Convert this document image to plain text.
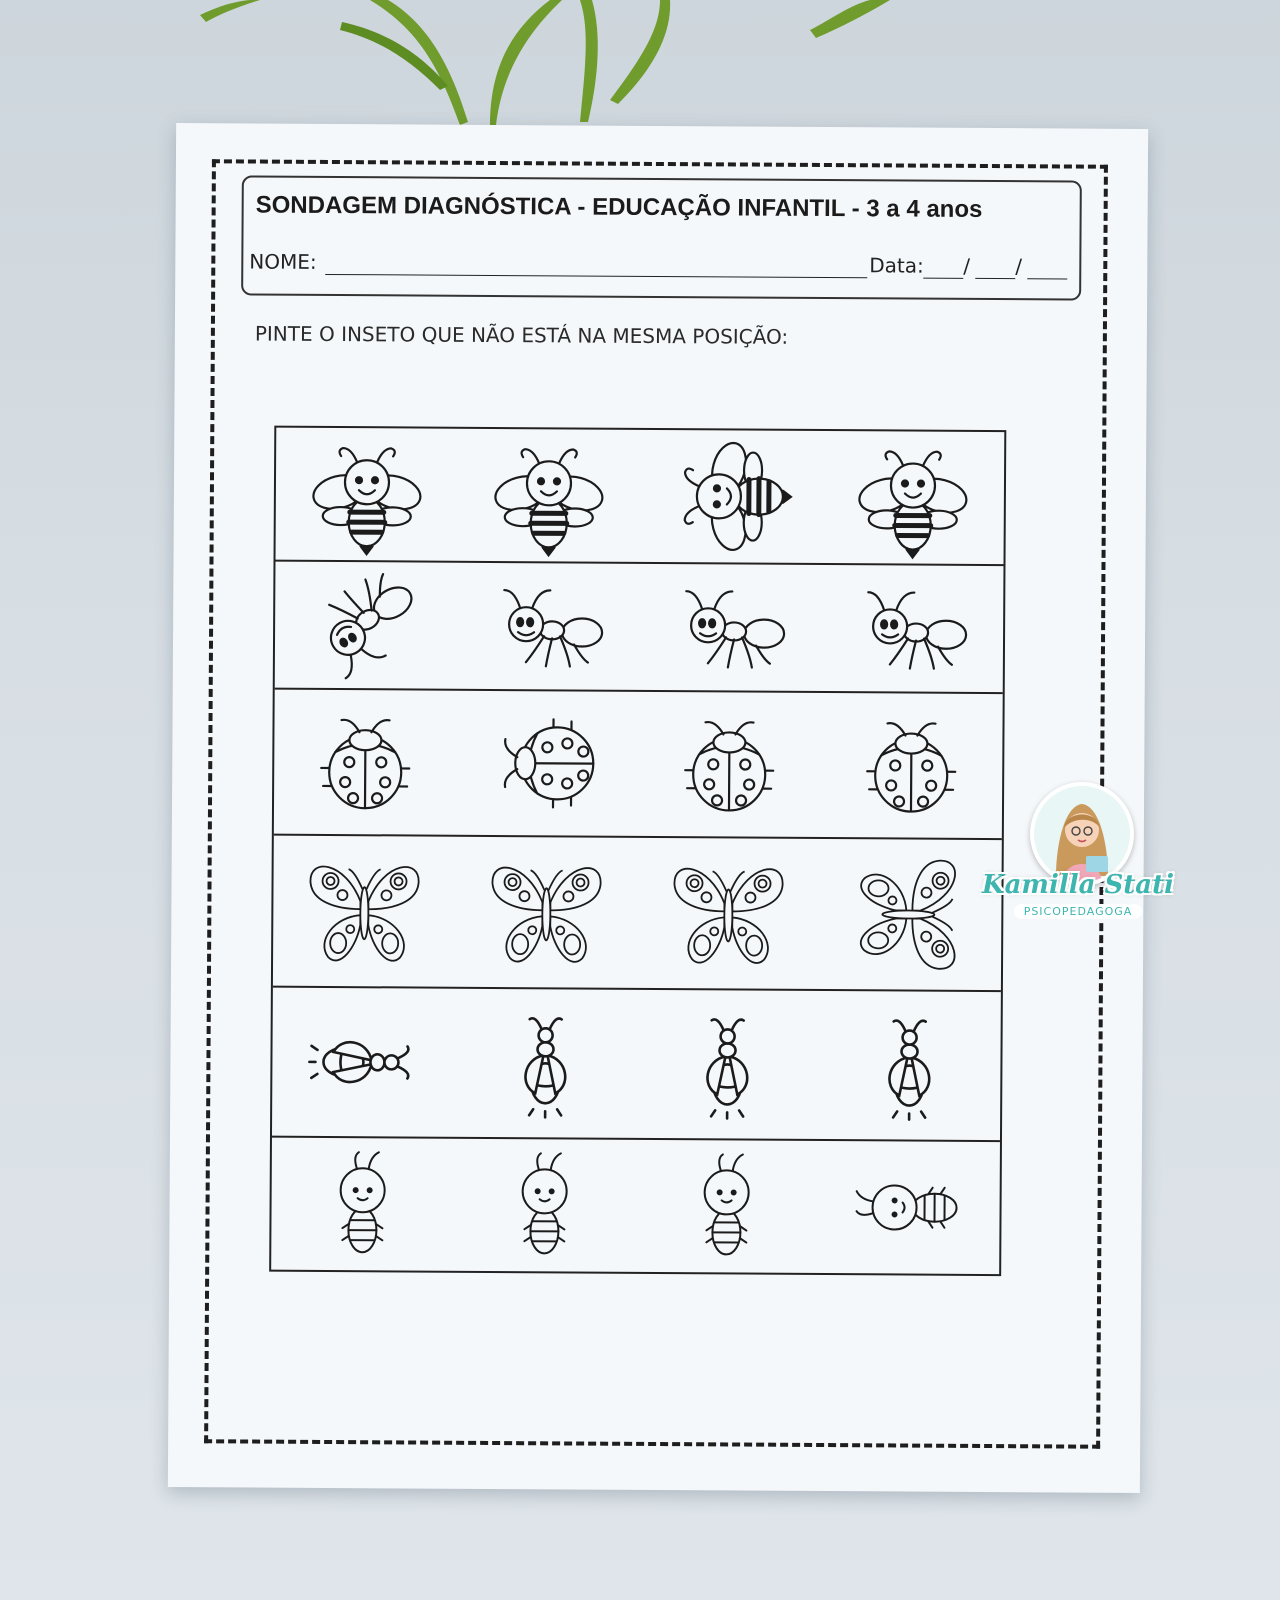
SONDAGEM DIAGNÓSTICA - EDUCAÇÃO INFANTIL - 3 a 4 anos
NOME:	Data: / /
PINTE O INSETO QUE NÃO ESTÁ NA MESMA POSIÇÃO:
Kamilla Stati
PSICOPEDAGOGA
